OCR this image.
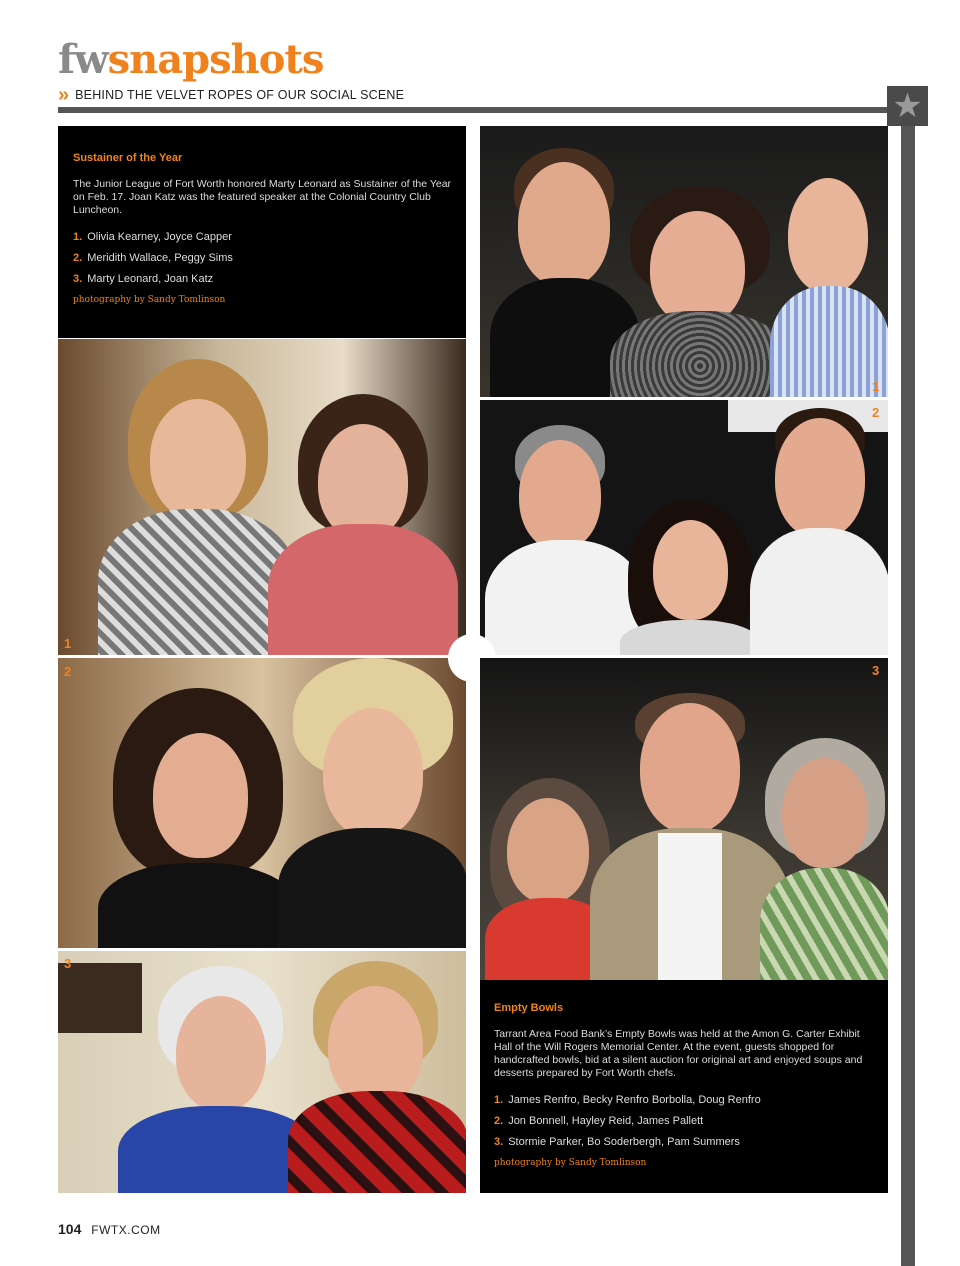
fwsnapshots
» BEHIND THE VELVET ROPES OF OUR SOCIAL SCENE	★
Sustainer of the Year

The Junior League of Fort Worth honored Marty Leonard as Sustainer of the Year on Feb. 17. Joan Katz was the featured speaker at the Colonial Country Club Luncheon.

1. Olivia Kearney, Joyce Capper
2. Meridith Wallace, Peggy Sims
3. Marty Leonard, Joan Katz
photography by Sandy Tomlinson
1
2
3
1
2
3
Empty Bowls

Tarrant Area Food Bank’s Empty Bowls was held at the Amon G. Carter Exhibit Hall of the Will Rogers Memorial Center. At the event, guests shopped for handcrafted bowls, bid at a silent auction for original art and enjoyed soups and desserts prepared by Fort Worth chefs.

1. James Renfro, Becky Renfro Borbolla, Doug Renfro
2. Jon Bonnell, Hayley Reid, James Pallett
3. Stormie Parker, Bo Soderbergh, Pam Summers
photography by Sandy Tomlinson
104 FWTX.COM
